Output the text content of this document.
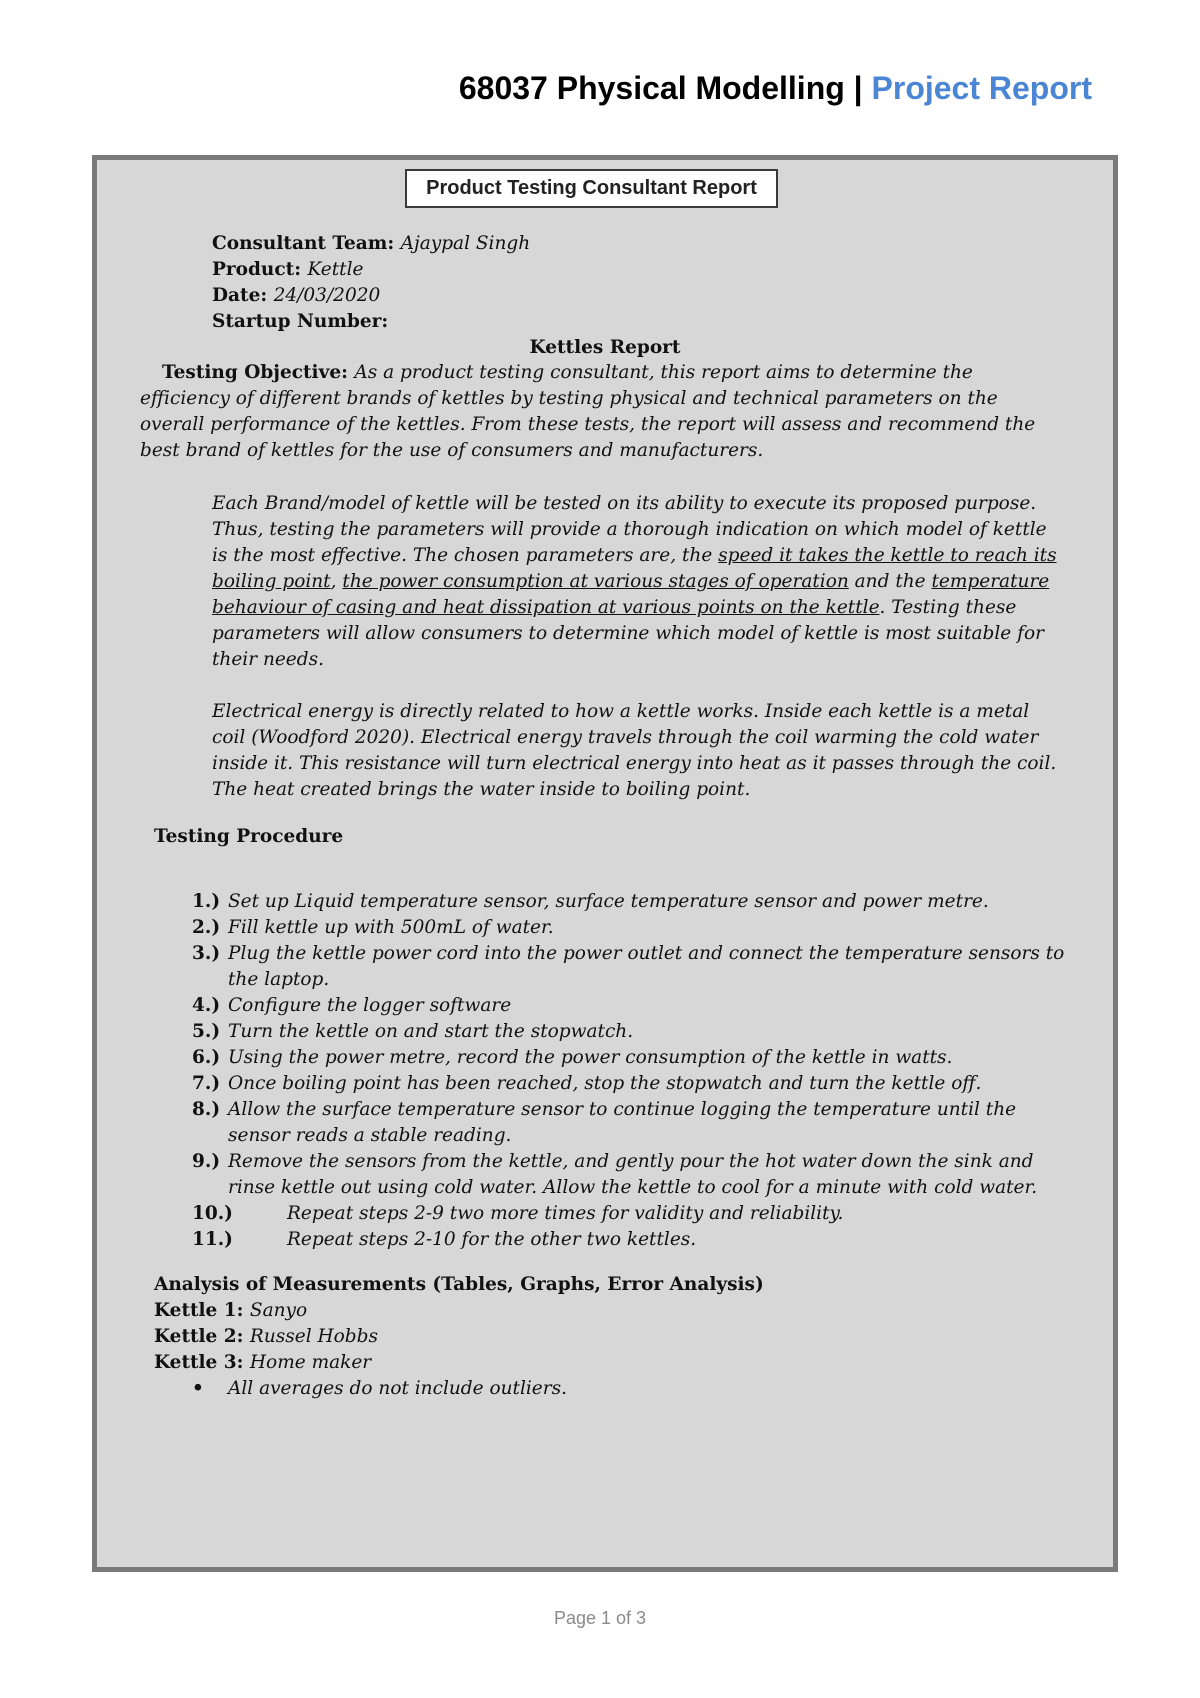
68037 Physical Modelling | Project Report
Product Testing Consultant Report
Consultant Team: Ajaypal Singh
Product: Kettle
Date: 24/03/2020
Startup Number:
Kettles Report

Testing Objective: As a product testing consultant, this report aims to determine the efficiency of different brands of kettles by testing physical and technical parameters on the overall performance of the kettles. From these tests, the report will assess and recommend the best brand of kettles for the use of consumers and manufacturers.

Each Brand/model of kettle will be tested on its ability to execute its proposed purpose. Thus, testing the parameters will provide a thorough indication on which model of kettle is the most effective. The chosen parameters are, the speed it takes the kettle to reach its boiling point, the power consumption at various stages of operation and the temperature behaviour of casing and heat dissipation at various points on the kettle. Testing these parameters will allow consumers to determine which model of kettle is most suitable for their needs.

Electrical energy is directly related to how a kettle works. Inside each kettle is a metal coil (Woodford 2020). Electrical energy travels through the coil warming the cold water inside it. This resistance will turn electrical energy into heat as it passes through the coil. The heat created brings the water inside to boiling point.

Testing Procedure
1.) Set up Liquid temperature sensor, surface temperature sensor and power metre.
2.) Fill kettle up with 500mL of water.
3.) Plug the kettle power cord into the power outlet and connect the temperature sensors to the laptop.
4.) Configure the logger software
5.) Turn the kettle on and start the stopwatch.
6.) Using the power metre, record the power consumption of the kettle in watts.
7.) Once boiling point has been reached, stop the stopwatch and turn the kettle off.
8.) Allow the surface temperature sensor to continue logging the temperature until the sensor reads a stable reading.
9.) Remove the sensors from the kettle, and gently pour the hot water down the sink and rinse kettle out using cold water. Allow the kettle to cool for a minute with cold water.
10.)	Repeat steps 2-9 two more times for validity and reliability.
11.)	Repeat steps 2-10 for the other two kettles.
Analysis of Measurements (Tables, Graphs, Error Analysis)
Kettle 1: Sanyo
Kettle 2: Russel Hobbs
Kettle 3: Home maker
• All averages do not include outliers.
Page 1 of 3
